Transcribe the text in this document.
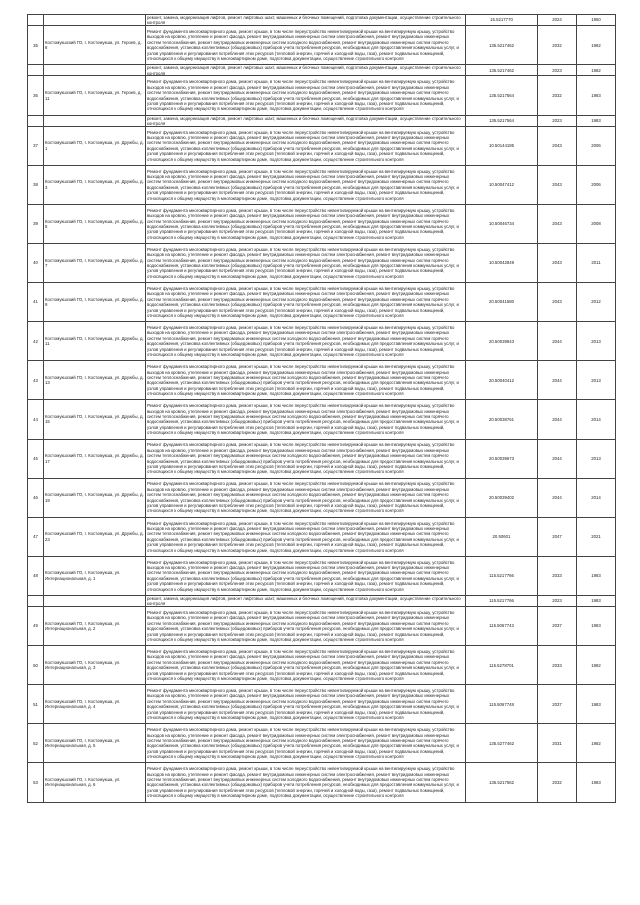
		ремонт, замена, модернизация лифтов, ремонт лифтовых шахт, машинных и блочных помещений, подготовка документации, осуществление строительного контроля	15.5217770	2024	1960
35	Костомукшский ГО, г. Костомукша, ул. Героев, д. 8	Ремонт фундамента многоквартирного дома, ремонт крыши, в том числе переустройство невентилируемой крыши на вентилируемую крышу, устройство выходов на кровлю, утепление и ремонт фасада, ремонт внутридомовых инженерных систем электроснабжения, ремонт внутридомовых инженерных систем теплоснабжения, ремонт внутридомовых инженерных систем холодного водоснабжения, ремонт внутридомовых инженерных систем горячего водоснабжения, установка коллективных (общедомовых) приборов учета потребления ресурсов, необходимых для предоставления коммунальных услуг, и узлов управления и регулирования потребления этих ресурсов (тепловой энергии, горячей и холодной воды, газа), ремонт подвальных помещений, относящихся к общему имуществу в многоквартирном доме, подготовка документации, осуществление строительного контроля	135.5217462	2032	1982

		ремонт, замена, модернизация лифтов, ремонт лифтовых шахт, машинных и блочных помещений, подготовка документации, осуществление строительного контроля	135.5217462	2023	1982
36	Костомукшский ГО, г. Костомукша, ул. Героев, д. 11	Ремонт фундамента многоквартирного дома, ремонт крыши, в том числе переустройство невентилируемой крыши на вентилируемую крышу, устройство выходов на кровлю, утепление и ремонт фасада, ремонт внутридомовых инженерных систем электроснабжения, ремонт внутридомовых инженерных систем теплоснабжения, ремонт внутридомовых инженерных систем холодного водоснабжения, ремонт внутридомовых инженерных систем горячего водоснабжения, установка коллективных (общедомовых) приборов учета потребления ресурсов, необходимых для предоставления коммунальных услуг, и узлов управления и регулирования потребления этих ресурсов (тепловой энергии, горячей и холодной воды, газа), ремонт подвальных помещений, относящихся к общему имуществу в многоквартирном доме, подготовка документации, осуществление строительного контроля	135.5217564	2032	1983

		ремонт, замена, модернизация лифтов, ремонт лифтовых шахт, машинных и блочных помещений, подготовка документации, осуществление строительного контроля	135.5217564	2023	1983
37	Костомукшский ГО, г. Костомукша, ул. Дружбы, д. 1	Ремонт фундамента многоквартирного дома, ремонт крыши, в том числе переустройство невентилируемой крыши на вентилируемую крышу, устройство выходов на кровлю, утепление и ремонт фасада, ремонт внутридомовых инженерных систем электроснабжения, ремонт внутридомовых инженерных систем теплоснабжения, ремонт внутридомовых инженерных систем холодного водоснабжения, ремонт внутридомовых инженерных систем горячего водоснабжения, установка коллективных (общедомовых) приборов учета потребления ресурсов, необходимых для предоставления коммунальных услуг, и узлов управления и регулирования потребления этих ресурсов (тепловой энергии, горячей и холодной воды, газа), ремонт подвальных помещений, относящихся к общему имуществу в многоквартирном доме, подготовка документации, осуществление строительного контроля	10.50144185	2043	2006
38	Костомукшский ГО, г. Костомукша, ул. Дружбы, д. 3	Ремонт фундамента многоквартирного дома, ремонт крыши, в том числе переустройство невентилируемой крыши на вентилируемую крышу, устройство выходов на кровлю, утепление и ремонт фасада, ремонт внутридомовых инженерных систем электроснабжения, ремонт внутридомовых инженерных систем теплоснабжения, ремонт внутридомовых инженерных систем холодного водоснабжения, ремонт внутридомовых инженерных систем горячего водоснабжения, установка коллективных (общедомовых) приборов учета потребления ресурсов, необходимых для предоставления коммунальных услуг, и узлов управления и регулирования потребления этих ресурсов (тепловой энергии, горячей и холодной воды, газа), ремонт подвальных помещений, относящихся к общему имуществу в многоквартирном доме, подготовка документации, осуществление строительного контроля	10.50047412	2043	2006
39	Костомукшский ГО, г. Костомукша, ул. Дружбы, д. 5	Ремонт фундамента многоквартирного дома, ремонт крыши, в том числе переустройство невентилируемой крыши на вентилируемую крышу, устройство выходов на кровлю, утепление и ремонт фасада, ремонт внутридомовых инженерных систем электроснабжения, ремонт внутридомовых инженерных систем теплоснабжения, ремонт внутридомовых инженерных систем холодного водоснабжения, ремонт внутридомовых инженерных систем горячего водоснабжения, установка коллективных (общедомовых) приборов учета потребления ресурсов, необходимых для предоставления коммунальных услуг, и узлов управления и регулирования потребления этих ресурсов (тепловой энергии, горячей и холодной воды, газа), ремонт подвальных помещений, относящихся к общему имуществу в многоквартирном доме, подготовка документации, осуществление строительного контроля	10.50046734	2043	2008
40	Костомукшский ГО, г. Костомукша, ул. Дружбы, д. 7	Ремонт фундамента многоквартирного дома, ремонт крыши, в том числе переустройство невентилируемой крыши на вентилируемую крышу, устройство выходов на кровлю, утепление и ремонт фасада, ремонт внутридомовых инженерных систем электроснабжения, ремонт внутридомовых инженерных систем теплоснабжения, ремонт внутридомовых инженерных систем холодного водоснабжения, ремонт внутридомовых инженерных систем горячего водоснабжения, установка коллективных (общедомовых) приборов учета потребления ресурсов, необходимых для предоставления коммунальных услуг, и узлов управления и регулирования потребления этих ресурсов (тепловой энергии, горячей и холодной воды, газа), ремонт подвальных помещений, относящихся к общему имуществу в многоквартирном доме, подготовка документации, осуществление строительного контроля	10.50042849	2043	2011
41	Костомукшский ГО, г. Костомукша, ул. Дружбы, д. 9	Ремонт фундамента многоквартирного дома, ремонт крыши, в том числе переустройство невентилируемой крыши на вентилируемую крышу, устройство выходов на кровлю, утепление и ремонт фасада, ремонт внутридомовых инженерных систем электроснабжения, ремонт внутридомовых инженерных систем теплоснабжения, ремонт внутридомовых инженерных систем холодного водоснабжения, ремонт внутридомовых инженерных систем горячего водоснабжения, установка коллективных (общедомовых) приборов учета потребления ресурсов, необходимых для предоставления коммунальных услуг, и узлов управления и регулирования потребления этих ресурсов (тепловой энергии, горячей и холодной воды, газа), ремонт подвальных помещений, относящихся к общему имуществу в многоквартирном доме, подготовка документации, осуществление строительного контроля	20.50041580	2043	2012
42	Костомукшский ГО, г. Костомукша, ул. Дружбы, д. 11	Ремонт фундамента многоквартирного дома, ремонт крыши, в том числе переустройство невентилируемой крыши на вентилируемую крышу, устройство выходов на кровлю, утепление и ремонт фасада, ремонт внутридомовых инженерных систем электроснабжения, ремонт внутридомовых инженерных систем теплоснабжения, ремонт внутридомовых инженерных систем холодного водоснабжения, ремонт внутридомовых инженерных систем горячего водоснабжения, установка коллективных (общедомовых) приборов учета потребления ресурсов, необходимых для предоставления коммунальных услуг, и узлов управления и регулирования потребления этих ресурсов (тепловой энергии, горячей и холодной воды, газа), ремонт подвальных помещений, относящихся к общему имуществу в многоквартирном доме, подготовка документации, осуществление строительного контроля	20.50039943	2044	2013
43	Костомукшский ГО, г. Костомукша, ул. Дружбы, д. 13	Ремонт фундамента многоквартирного дома, ремонт крыши, в том числе переустройство невентилируемой крыши на вентилируемую крышу, устройство выходов на кровлю, утепление и ремонт фасада, ремонт внутридомовых инженерных систем электроснабжения, ремонт внутридомовых инженерных систем теплоснабжения, ремонт внутридомовых инженерных систем холодного водоснабжения, ремонт внутридомовых инженерных систем горячего водоснабжения, установка коллективных (общедомовых) приборов учета потребления ресурсов, необходимых для предоставления коммунальных услуг, и узлов управления и регулирования потребления этих ресурсов (тепловой энергии, горячей и холодной воды, газа), ремонт подвальных помещений, относящихся к общему имуществу в многоквартирном доме, подготовка документации, осуществление строительного контроля	20.50040412	2044	2013
44	Костомукшский ГО, г. Костомукша, ул. Дружбы, д. 15	Ремонт фундамента многоквартирного дома, ремонт крыши, в том числе переустройство невентилируемой крыши на вентилируемую крышу, устройство выходов на кровлю, утепление и ремонт фасада, ремонт внутридомовых инженерных систем электроснабжения, ремонт внутридомовых инженерных систем теплоснабжения, ремонт внутридомовых инженерных систем холодного водоснабжения, ремонт внутридомовых инженерных систем горячего водоснабжения, установка коллективных (общедомовых) приборов учета потребления ресурсов, необходимых для предоставления коммунальных услуг, и узлов управления и регулирования потребления этих ресурсов (тепловой энергии, горячей и холодной воды, газа), ремонт подвальных помещений, относящихся к общему имуществу в многоквартирном доме, подготовка документации, осуществление строительного контроля	20.50038761	2044	2014
45	Костомукшский ГО, г. Костомукша, ул. Дружбы, д. 17	Ремонт фундамента многоквартирного дома, ремонт крыши, в том числе переустройство невентилируемой крыши на вентилируемую крышу, устройство выходов на кровлю, утепление и ремонт фасада, ремонт внутридомовых инженерных систем электроснабжения, ремонт внутридомовых инженерных систем теплоснабжения, ремонт внутридомовых инженерных систем холодного водоснабжения, ремонт внутридомовых инженерных систем горячего водоснабжения, установка коллективных (общедомовых) приборов учета потребления ресурсов, необходимых для предоставления коммунальных услуг, и узлов управления и регулирования потребления этих ресурсов (тепловой энергии, горячей и холодной воды, газа), ремонт подвальных помещений, относящихся к общему имуществу в многоквартирном доме, подготовка документации, осуществление строительного контроля	20.50039673	2044	2013
46	Костомукшский ГО, г. Костомукша, ул. Дружбы, д. 19	Ремонт фундамента многоквартирного дома, ремонт крыши, в том числе переустройство невентилируемой крыши на вентилируемую крышу, устройство выходов на кровлю, утепление и ремонт фасада, ремонт внутридомовых инженерных систем электроснабжения, ремонт внутридомовых инженерных систем теплоснабжения, ремонт внутридомовых инженерных систем холодного водоснабжения, ремонт внутридомовых инженерных систем горячего водоснабжения, установка коллективных (общедомовых) приборов учета потребления ресурсов, необходимых для предоставления коммунальных услуг, и узлов управления и регулирования потребления этих ресурсов (тепловой энергии, горячей и холодной воды, газа), ремонт подвальных помещений, относящихся к общему имуществу в многоквартирном доме, подготовка документации, осуществление строительного контроля	20.50039402	2044	2014
47	Костомукшский ГО, г. Костомукша, ул. Дружбы, д. 23	Ремонт фундамента многоквартирного дома, ремонт крыши, в том числе переустройство невентилируемой крыши на вентилируемую крышу, устройство выходов на кровлю, утепление и ремонт фасада, ремонт внутридомовых инженерных систем электроснабжения, ремонт внутридомовых инженерных систем теплоснабжения, ремонт внутридомовых инженерных систем холодного водоснабжения, ремонт внутридомовых инженерных систем горячего водоснабжения, установка коллективных (общедомовых) приборов учета потребления ресурсов, необходимых для предоставления коммунальных услуг, и узлов управления и регулирования потребления этих ресурсов (тепловой энергии, горячей и холодной воды, газа), ремонт подвальных помещений, относящихся к общему имуществу в многоквартирном доме, подготовка документации, осуществление строительного контроля	20.50601	2047	2021
48	Костомукшский ГО, г. Костомукша, ул. Интернациональная, д. 1	Ремонт фундамента многоквартирного дома, ремонт крыши, в том числе переустройство невентилируемой крыши на вентилируемую крышу, устройство выходов на кровлю, утепление и ремонт фасада, ремонт внутридомовых инженерных систем электроснабжения, ремонт внутридомовых инженерных систем теплоснабжения, ремонт внутридомовых инженерных систем холодного водоснабжения, ремонт внутридомовых инженерных систем горячего водоснабжения, установка коллективных (общедомовых) приборов учета потребления ресурсов, необходимых для предоставления коммунальных услуг, и узлов управления и регулирования потребления этих ресурсов (тепловой энергии, горячей и холодной воды, газа), ремонт подвальных помещений, относящихся к общему имуществу в многоквартирном доме, подготовка документации, осуществление строительного контроля	115.5217766	2033	1983

		ремонт, замена, модернизация лифтов, ремонт лифтовых шахт, машинных и блочных помещений, подготовка документации, осуществление строительного контроля	115.5217766	2023	1983
49	Костомукшский ГО, г. Костомукша, ул. Интернациональная, д. 2	Ремонт фундамента многоквартирного дома, ремонт крыши, в том числе переустройство невентилируемой крыши на вентилируемую крышу, устройство выходов на кровлю, утепление и ремонт фасада, ремонт внутридомовых инженерных систем электроснабжения, ремонт внутридомовых инженерных систем теплоснабжения, ремонт внутридомовых инженерных систем холодного водоснабжения, ремонт внутридомовых инженерных систем горячего водоснабжения, установка коллективных (общедомовых) приборов учета потребления ресурсов, необходимых для предоставления коммунальных услуг, и узлов управления и регулирования потребления этих ресурсов (тепловой энергии, горячей и холодной воды, газа), ремонт подвальных помещений, относящихся к общему имуществу в многоквартирном доме, подготовка документации, осуществление строительного контроля	115.5067743	2037	1983
50	Костомукшский ГО, г. Костомукша, ул. Интернациональная, д. 3	Ремонт фундамента многоквартирного дома, ремонт крыши, в том числе переустройство невентилируемой крыши на вентилируемую крышу, устройство выходов на кровлю, утепление и ремонт фасада, ремонт внутридомовых инженерных систем электроснабжения, ремонт внутридомовых инженерных систем теплоснабжения, ремонт внутридомовых инженерных систем холодного водоснабжения, ремонт внутридомовых инженерных систем горячего водоснабжения, установка коллективных (общедомовых) приборов учета потребления ресурсов, необходимых для предоставления коммунальных услуг, и узлов управления и регулирования потребления этих ресурсов (тепловой энергии, горячей и холодной воды, газа), ремонт подвальных помещений, относящихся к общему имуществу в многоквартирном доме, подготовка документации, осуществление строительного контроля	115.5278701	2033	1982
51	Костомукшский ГО, г. Костомукша, ул. Интернациональная, д. 4	Ремонт фундамента многоквартирного дома, ремонт крыши, в том числе переустройство невентилируемой крыши на вентилируемую крышу, устройство выходов на кровлю, утепление и ремонт фасада, ремонт внутридомовых инженерных систем электроснабжения, ремонт внутридомовых инженерных систем теплоснабжения, ремонт внутридомовых инженерных систем холодного водоснабжения, ремонт внутридомовых инженерных систем горячего водоснабжения, установка коллективных (общедомовых) приборов учета потребления ресурсов, необходимых для предоставления коммунальных услуг, и узлов управления и регулирования потребления этих ресурсов (тепловой энергии, горячей и холодной воды, газа), ремонт подвальных помещений, относящихся к общему имуществу в многоквартирном доме, подготовка документации, осуществление строительного контроля	115.5067748	2037	1983
52	Костомукшский ГО, г. Костомукша, ул. Интернациональная, д. 5	Ремонт фундамента многоквартирного дома, ремонт крыши, в том числе переустройство невентилируемой крыши на вентилируемую крышу, устройство выходов на кровлю, утепление и ремонт фасада, ремонт внутридомовых инженерных систем электроснабжения, ремонт внутридомовых инженерных систем теплоснабжения, ремонт внутридомовых инженерных систем холодного водоснабжения, ремонт внутридомовых инженерных систем горячего водоснабжения, установка коллективных (общедомовых) приборов учета потребления ресурсов, необходимых для предоставления коммунальных услуг, и узлов управления и регулирования потребления этих ресурсов (тепловой энергии, горячей и холодной воды, газа), ремонт подвальных помещений, относящихся к общему имуществу в многоквартирном доме, подготовка документации, осуществление строительного контроля	135.5277462	2031	1982
53	Костомукшский ГО, г. Костомукша, ул. Интернациональная, д. 6	Ремонт фундамента многоквартирного дома, ремонт крыши, в том числе переустройство невентилируемой крыши на вентилируемую крышу, устройство выходов на кровлю, утепление и ремонт фасада, ремонт внутридомовых инженерных систем электроснабжения, ремонт внутридомовых инженерных систем теплоснабжения, ремонт внутридомовых инженерных систем холодного водоснабжения, ремонт внутридомовых инженерных систем горячего водоснабжения, установка коллективных (общедомовых) приборов учета потребления ресурсов, необходимых для предоставления коммунальных услуг, и узлов управления и регулирования потребления этих ресурсов (тепловой энергии, горячей и холодной воды, газа), ремонт подвальных помещений, относящихся к общему имуществу в многоквартирном доме, подготовка документации, осуществление строительного контроля	135.5217562	2032	1983
